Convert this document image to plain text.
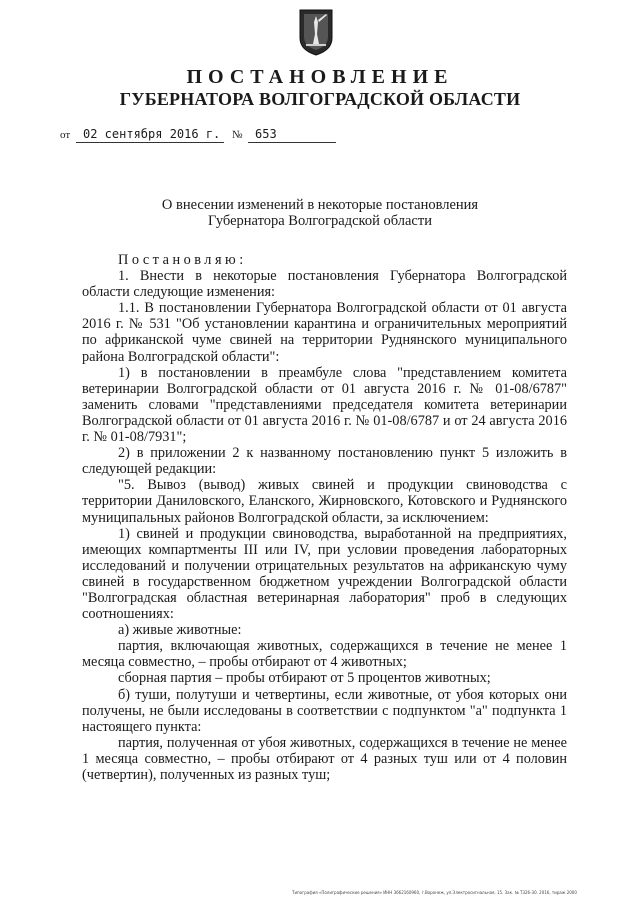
ПОСТАНОВЛЕНИЕ
ГУБЕРНАТОРА ВОЛГОГРАДСКОЙ ОБЛАСТИ
от 02 сентября 2016 г. № 653
О внесении изменений в некоторые постановления
Губернатора Волгоградской области

Постановляю:

1. Внести в некоторые постановления Губернатора Волгоградской области следующие изменения:

1.1. В постановлении Губернатора Волгоградской области от 01 августа 2016 г. № 531 "Об установлении карантина и ограничительных мероприятий по африканской чуме свиней на территории Руднянского муниципального района Волгоградской области":

1) в постановлении в преамбуле слова "представлением комитета ветеринарии Волгоградской области от 01 августа 2016 г. № 01-08/6787" заменить словами "представлениями председателя комитета ветеринарии Волгоградской области от 01 августа 2016 г. № 01-08/6787 и от 24 августа 2016 г. № 01-08/7931";

2) в приложении 2 к названному постановлению пункт 5 изложить в следующей редакции:

"5. Вывоз (вывод) живых свиней и продукции свиноводства с территории Даниловского, Еланского, Жирновского, Котовского и Руднянского муниципальных районов Волгоградской области, за исключением:

1) свиней и продукции свиноводства, выработанной на предприятиях, имеющих компартменты III или IV, при условии проведения лабораторных исследований и получении отрицательных результатов на африканскую чуму свиней в государственном бюджетном учреждении Волгоградской области "Волгоградская областная ветеринарная лаборатория" проб в следующих соотношениях:

а) живые животные:

партия, включающая животных, содержащихся в течение не менее 1 месяца совместно, – пробы отбирают от 4 животных;

сборная партия – пробы отбирают от 5 процентов животных;

б) туши, полутуши и четвертины, если животные, от убоя которых они получены, не были исследованы в соответствии с подпунктом "а" подпункта 1 настоящего пункта:

партия, полученная от убоя животных, содержащихся в течение не менее 1 месяца совместно, – пробы отбирают от 4 разных туш или от 4 половин (четвертин), полученных из разных туш;

Типография «Полиграфические решения» ИНН 3662160960, г.Воронеж, ул.Электросигнальная, 15. Зак. № Т326-30. 2016, тираж 2000
